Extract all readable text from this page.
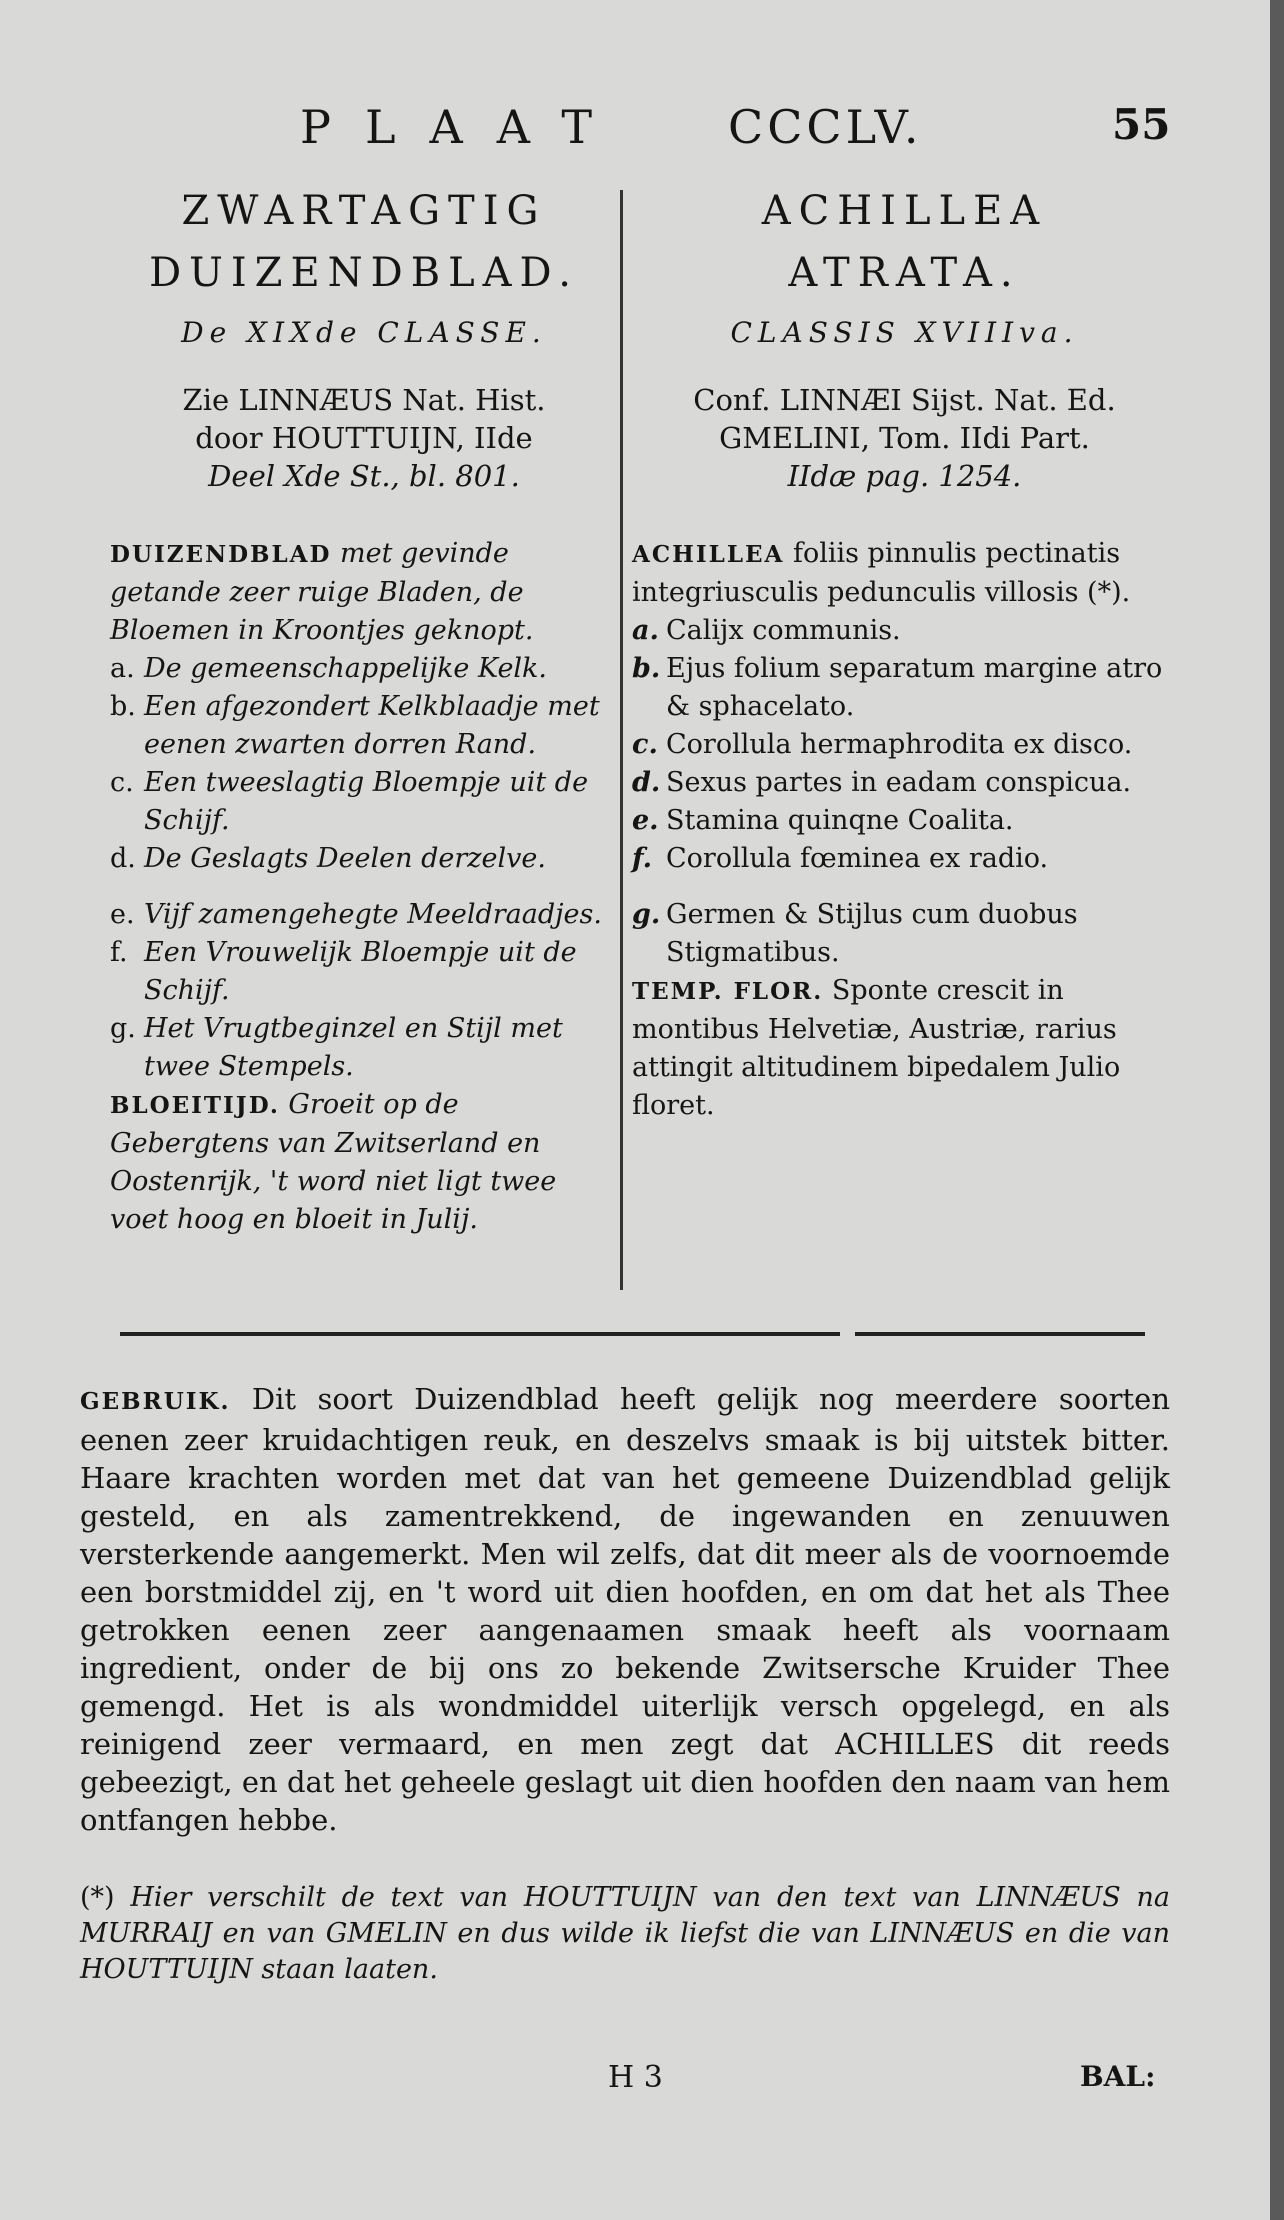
PLAAT CCCLV.	55
ZWARTAGTIG
DUIZENDBLAD.
De XIXde CLASSE.
Zie LINNÆUS Nat. Hist.
door HOUTTUIJN, IIde
Deel Xde St., bl. 801.
DUIZENDBLAD met gevinde getande zeer ruige Bladen, de Bloemen in Kroontjes geknopt.
a. De gemeenschappelijke Kelk.
b. Een afgezondert Kelkblaadje met eenen zwarten dorren Rand.
c. Een tweeslagtig Bloempje uit de Schijf.
d. De Geslagts Deelen derzelve.
e. Vijf zamengehegte Meeldraadjes.
f. Een Vrouwelijk Bloempje uit de Schijf.
g. Het Vrugtbeginzel en Stijl met twee Stempels.
BLOEITIJD. Groeit op de Gebergtens van Zwitserland en Oostenrijk, 't word niet ligt twee voet hoog en bloeit in Julij.
ACHILLEA
ATRATA.
CLASSIS XVIIIva.
Conf. LINNÆI Sijst. Nat. Ed.
GMELINI, Tom. IIdi Part.
IIdæ pag. 1254.
ACHILLEA foliis pinnulis pectinatis integriusculis pedunculis villosis (*).
a. Calijx communis.
b. Ejus folium separatum margine atro & sphacelato.
c. Corollula hermaphrodita ex disco.
d. Sexus partes in eadam conspicua.
e. Stamina quinqne Coalita.
f. Corollula fœminea ex radio.
g. Germen & Stijlus cum duobus Stigmatibus.
TEMP. FLOR. Sponte crescit in montibus Helvetiæ, Austriæ, rarius attingit altitudinem bipedalem Julio floret.
GEBRUIK. Dit soort Duizendblad heeft gelijk nog meerdere soorten eenen zeer kruidachtigen reuk, en deszelvs smaak is bij uitstek bitter. Haare krachten worden met dat van het gemeene Duizendblad gelijk gesteld, en als zamentrekkend, de ingewanden en zenuuwen versterkende aangemerkt. Men wil zelfs, dat dit meer als de voornoemde een borstmiddel zij, en 't word uit dien hoofden, en om dat het als Thee getrokken eenen zeer aangenaamen smaak heeft als voornaam ingredient, onder de bij ons zo bekende Zwitsersche Kruider Thee gemengd. Het is als wondmiddel uiterlijk versch opgelegd, en als reinigend zeer vermaard, en men zegt dat ACHILLES dit reeds gebeezigt, en dat het geheele geslagt uit dien hoofden den naam van hem ontfangen hebbe.
(*) Hier verschilt de text van HOUTTUIJN van den text van LINNÆUS na MURRAIJ en van GMELIN en dus wilde ik liefst die van LINNÆUS en die van HOUTTUIJN staan laaten.
H 3	BAL:
